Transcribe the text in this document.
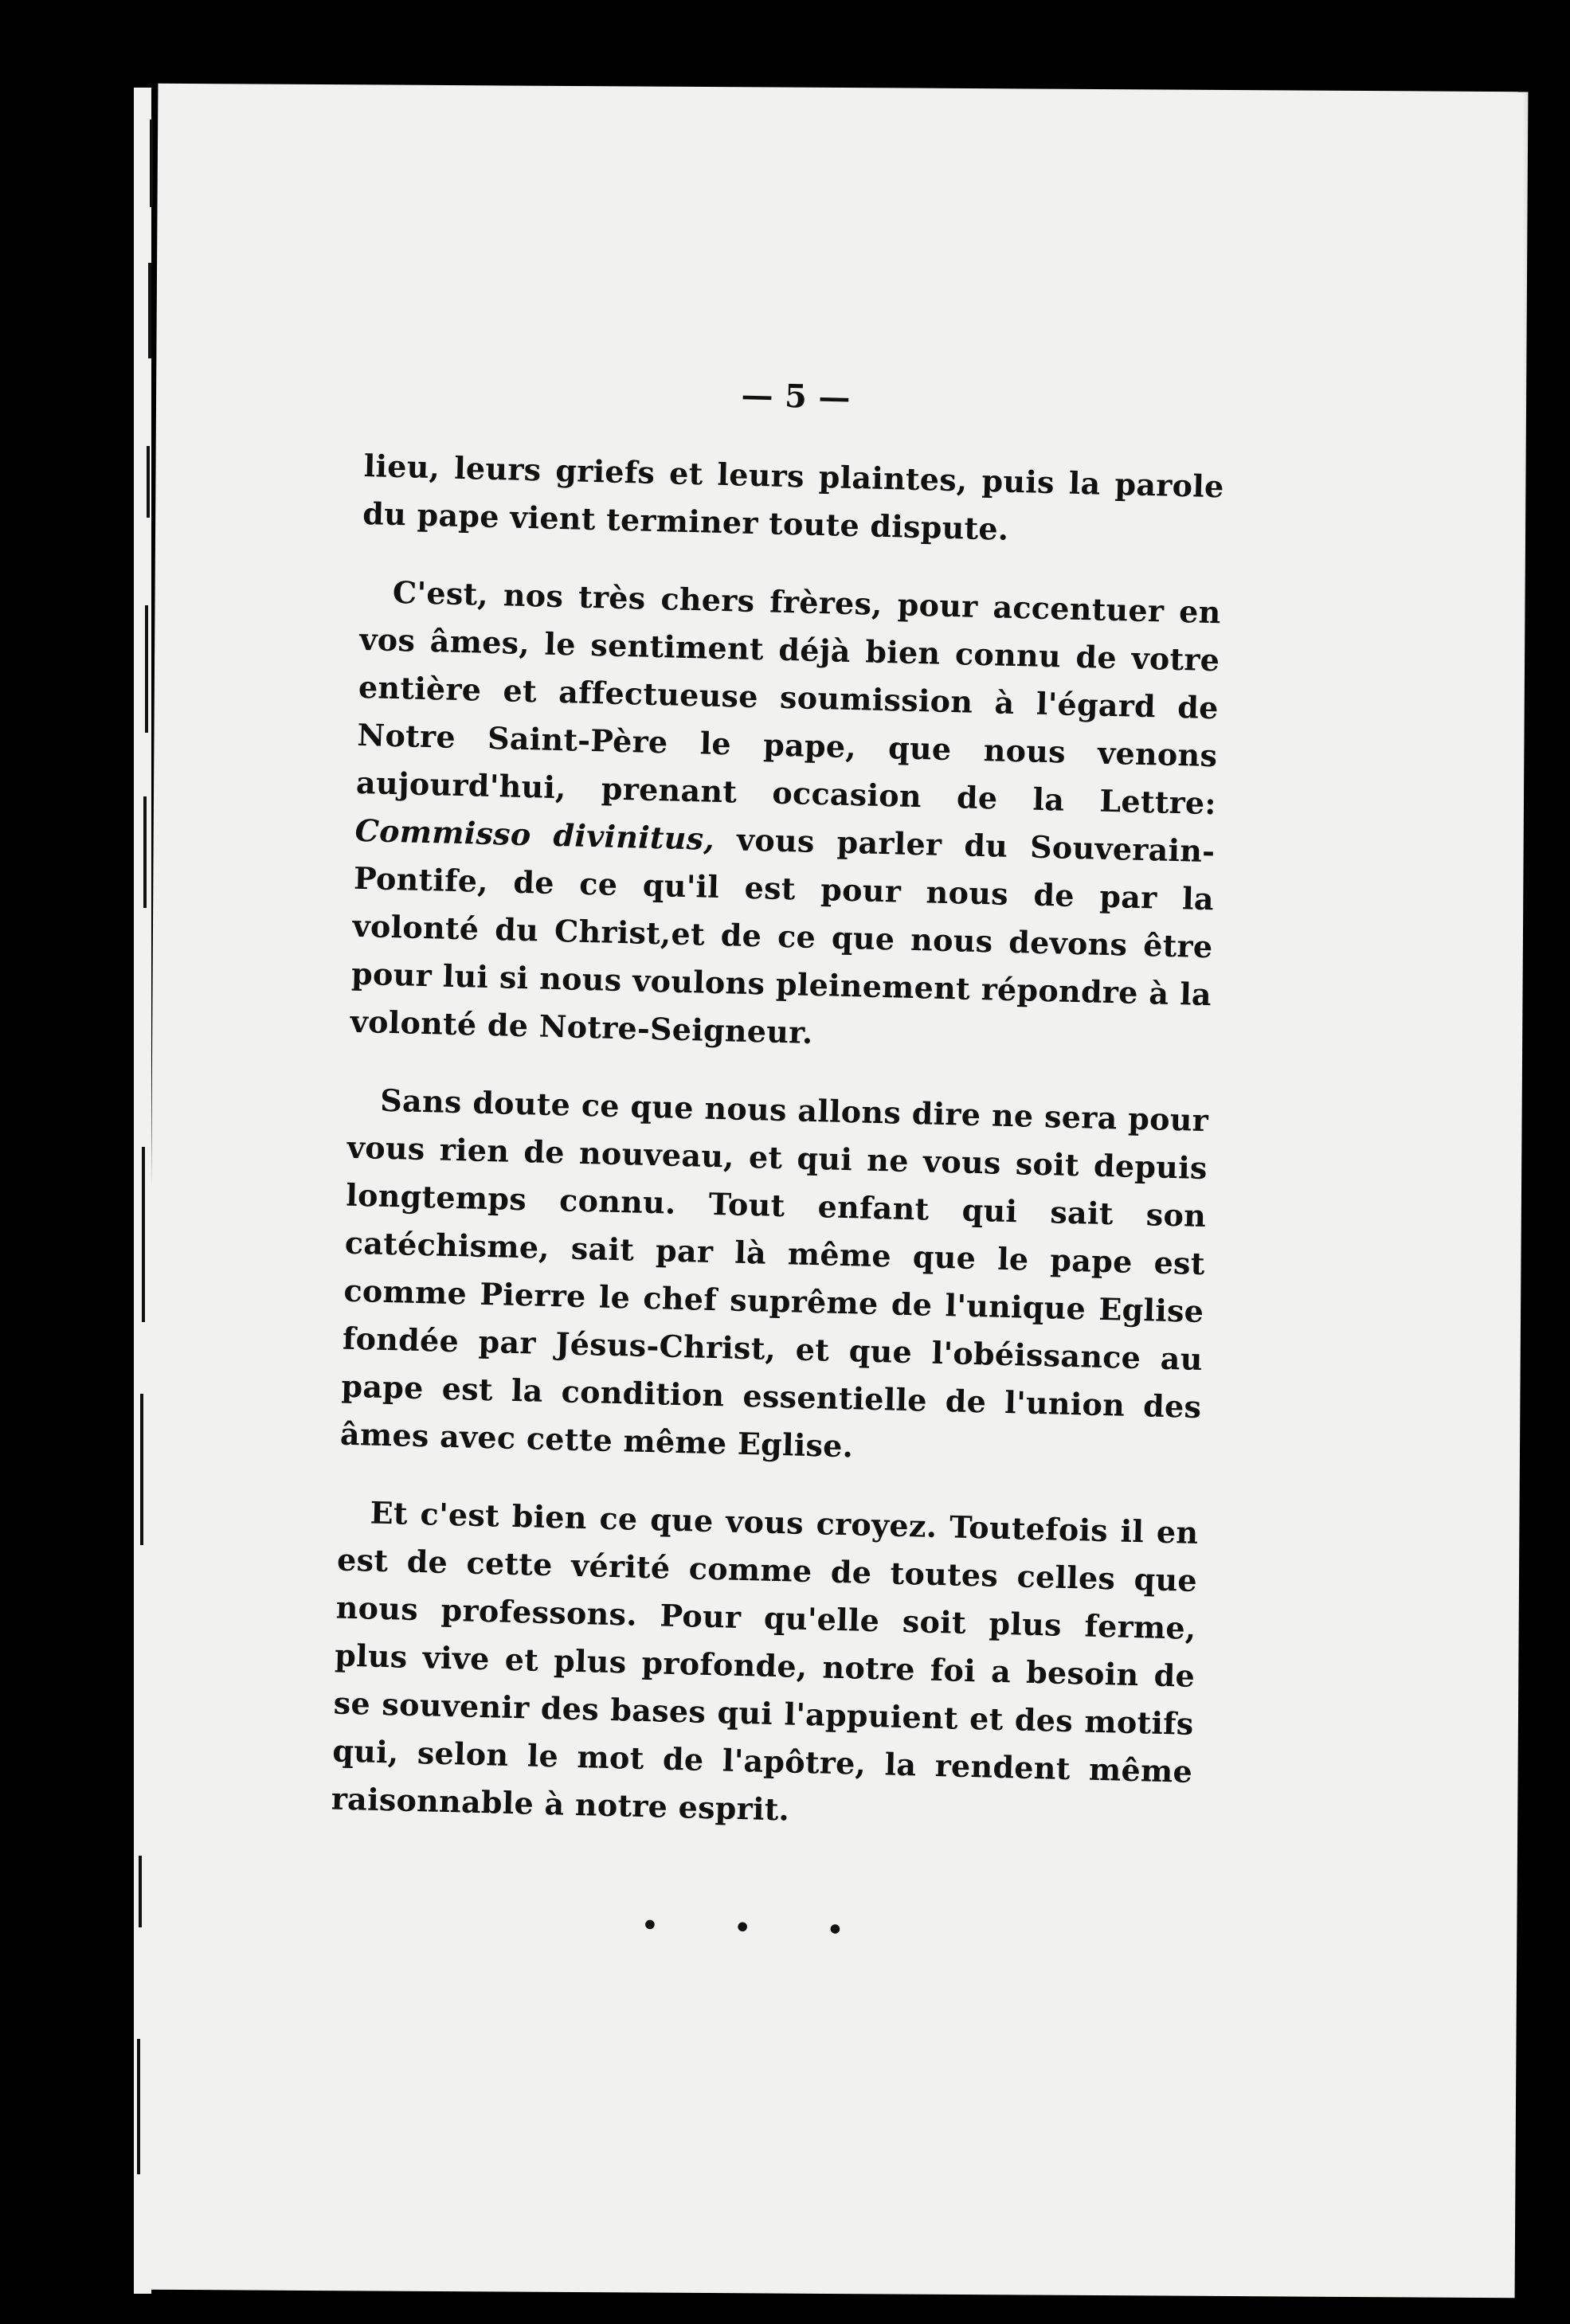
— 5 —

lieu, leurs griefs et leurs plaintes, puis la parole du pape vient terminer toute dispute.

C'est, nos très chers frères, pour accentuer en vos âmes, le sentiment déjà bien connu de votre entière et affectueuse soumission à l'égard de Notre Saint-Père le pape, que nous venons aujourd'hui, prenant occasion de la Lettre: Commisso divinitus, vous parler du Souverain-Pontife, de ce qu'il est pour nous de par la volonté du Christ,et de ce que nous devons être pour lui si nous voulons pleinement répondre à la volonté de Notre-Seigneur.

Sans doute ce que nous allons dire ne sera pour vous rien de nouveau, et qui ne vous soit depuis longtemps connu. Tout enfant qui sait son catéchisme, sait par là même que le pape est comme Pierre le chef suprême de l'unique Eglise fondée par Jésus-Christ, et que l'obéissance au pape est la condition essentielle de l'union des âmes avec cette même Eglise.

Et c'est bien ce que vous croyez. Toutefois il en est de cette vérité comme de toutes celles que nous professons. Pour qu'elle soit plus ferme, plus vive et plus profonde, notre foi a besoin de se souvenir des bases qui l'appuient et des motifs qui, selon le mot de l'apôtre, la rendent même raisonnable à notre esprit.

• • •
